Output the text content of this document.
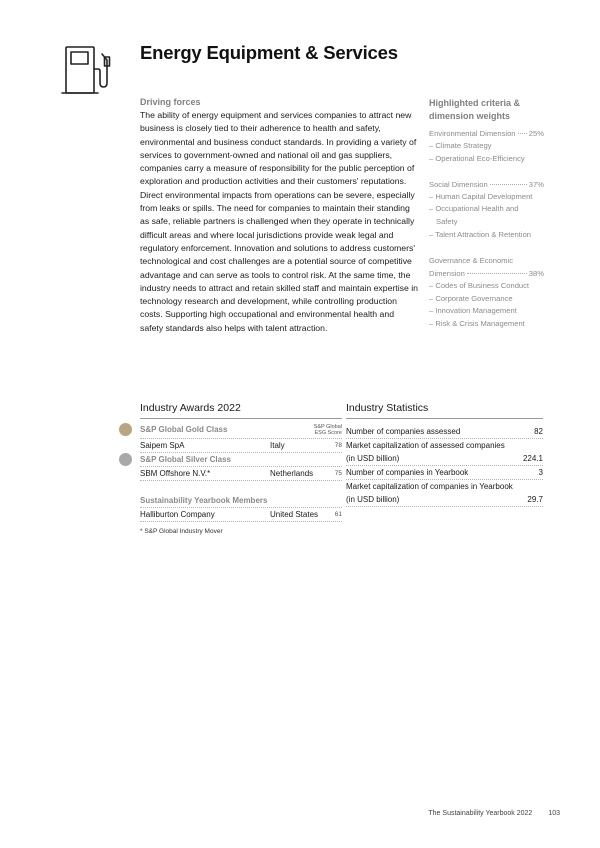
Energy Equipment & Services
Driving forces

The ability of energy equipment and services companies to attract new business is closely tied to their adherence to health and safety, environmental and business conduct standards. In providing a variety of services to government-owned and national oil and gas suppliers, companies carry a measure of responsibility for the public perception of exploration and production activities and their customers' reputations. Direct environmental impacts from operations can be severe, especially from leaks or spills. The need for companies to maintain their standing as safe, reliable partners is challenged when they operate in technically difficult areas and where local jurisdictions provide weak legal and regulatory enforcement. Innovation and solutions to address customers' technological and cost challenges are a potential source of competitive advantage and can serve as tools to control risk. At the same time, the industry needs to attract and retain skilled staff and maintain expertise in technology research and development, while controlling production costs. Supporting high occupational and environmental health and safety standards also helps with talent attraction.

Highlighted criteria &
dimension weights
Environmental Dimension 25%
– Climate Strategy
– Operational Eco-Efficiency
Social Dimension	37%
– Human Capital Development
– Occupational Health and
Safety
– Talent Attraction & Retention
Governance & Economic
Dimension	38%
– Codes of Business Conduct
– Corporate Governance
– Innovation Management
– Risk & Crisis Management
Industry Awards 2022	Industry Statistics
S&P Global Gold Class	S&P Global
ESG Score
Saipem SpA	Italy	78
S&P Global Silver Class
SBM Offshore N.V.*	Netherlands	75
Sustainability Yearbook Members
Halliburton Company	United States	61
Number of companies assessed	82
Market capitalization of assessed companies
(in USD billion)	224.1
Number of companies in Yearbook	3
Market capitalization of companies in Yearbook
(in USD billion)	29.7
* S&P Global Industry Mover
The Sustainability Yearbook 2022 103
